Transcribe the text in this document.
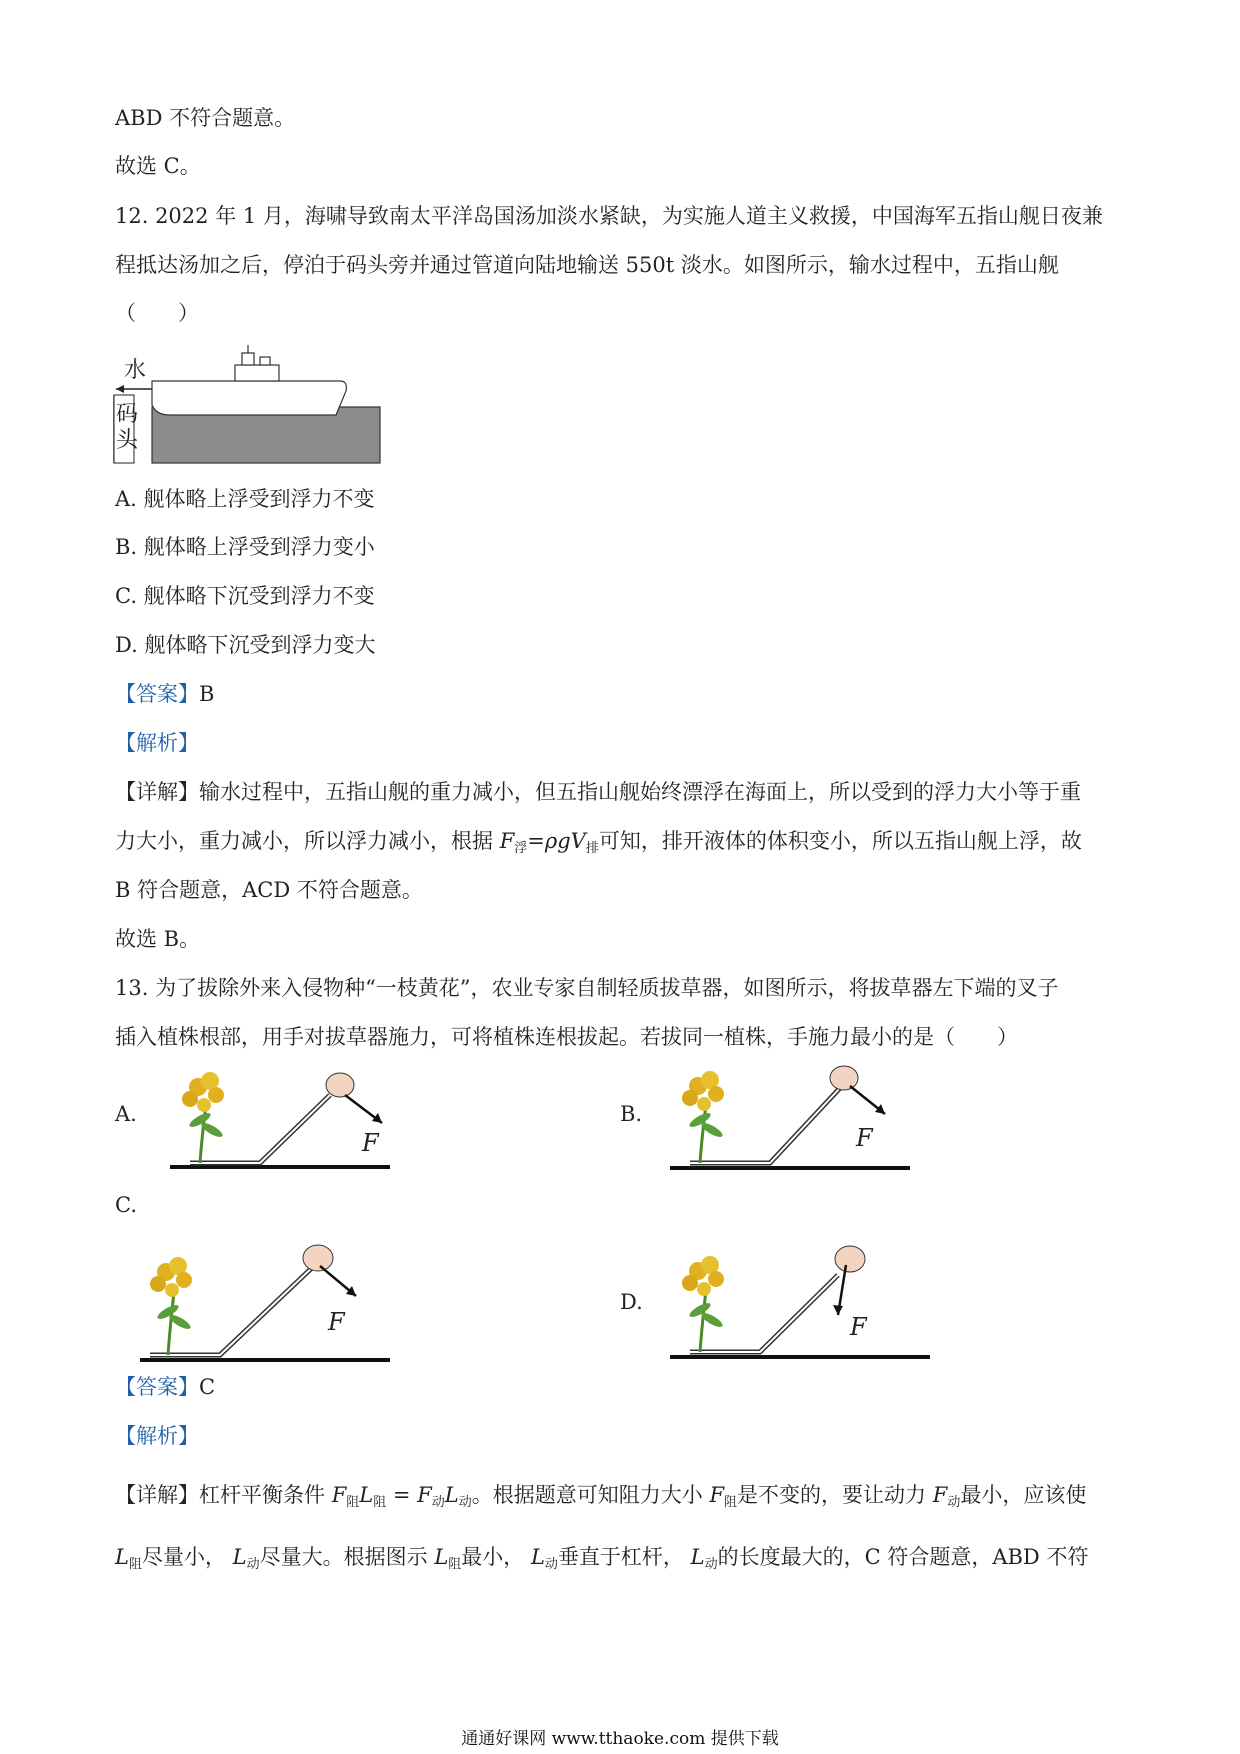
ABD 不符合题意。
故选 C。
12. 2022 年 1 月，海啸导致南太平洋岛国汤加淡水紧缺，为实施人道主义救援，中国海军五指山舰日夜兼
程抵达汤加之后，停泊于码头旁并通过管道向陆地输送 550t 淡水。如图所示，输水过程中，五指山舰
（　　）
水
码
头
A. 舰体略上浮受到浮力不变
B. 舰体略上浮受到浮力变小
C. 舰体略下沉受到浮力不变
D. 舰体略下沉受到浮力变大
【答案】B
【解析】
【详解】输水过程中，五指山舰的重力减小，但五指山舰始终漂浮在海面上，所以受到的浮力大小等于重
力大小，重力减小，所以浮力减小，根据 $F_浮=\rho gV_排$可知，排开液体的体积变小，所以五指山舰上浮，故
B 符合题意，ACD 不符合题意。
故选 B。
13. 为了拔除外来入侵物种“一枝黄花”，农业专家自制轻质拔草器，如图所示，将拔草器左下端的叉子
插入植株根部，用手对拔草器施力，可将植株连根拔起。若拔同一植株，手施力最小的是（　　）
A.	B.
C.
D.
F	F
F	F
【答案】C
【解析】
【详解】杠杆平衡条件 $F_阻L_阻 = F_动L_动$。根据题意可知阻力大小 $F_阻$是不变的，要让动力 $F_动$最小，应该使
$L_阻$尽量小， $L_动$尽量大。根据图示 $L_阻$最小， $L_动$垂直于杠杆， $L_动$的长度最大的，C 符合题意，ABD 不符
通通好课网 www.tthaoke.com 提供下载
